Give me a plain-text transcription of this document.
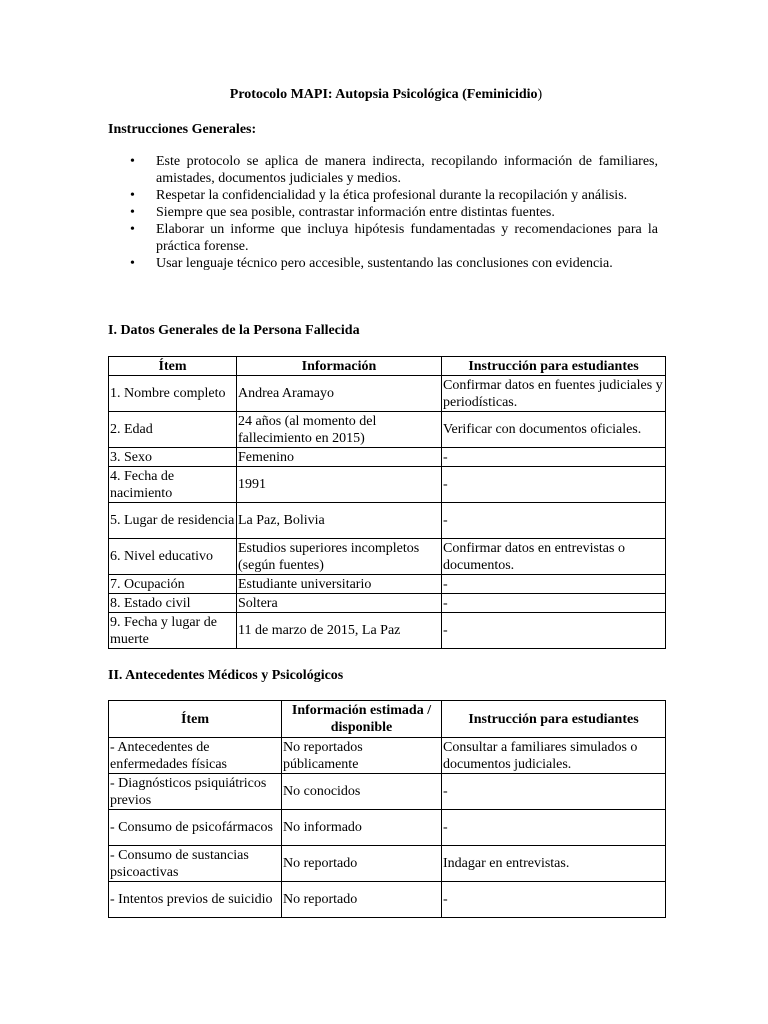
Protocolo MAPI: Autopsia Psicológica (Feminicidio)
Instrucciones Generales:
• Este protocolo se aplica de manera indirecta, recopilando información de familiares, amistades, documentos judiciales y medios.
• Respetar la confidencialidad y la ética profesional durante la recopilación y análisis.
• Siempre que sea posible, contrastar información entre distintas fuentes.
• Elaborar un informe que incluya hipótesis fundamentadas y recomendaciones para la práctica forense.
• Usar lenguaje técnico pero accesible, sustentando las conclusiones con evidencia.
I. Datos Generales de la Persona Fallecida
Ítem	Información	Instrucción para estudiantes
1. Nombre completo	Andrea Aramayo	Confirmar datos en fuentes judiciales y periodísticas.
2. Edad	24 años (al momento del fallecimiento en 2015)	Verificar con documentos oficiales.
3. Sexo	Femenino	-
4. Fecha de nacimiento	1991	-
5. Lugar de residencia	La Paz, Bolivia	-
6. Nivel educativo	Estudios superiores incompletos (según fuentes)	Confirmar datos en entrevistas o documentos.
7. Ocupación	Estudiante universitario	-
8. Estado civil	Soltera	-
9. Fecha y lugar de muerte	11 de marzo de 2015, La Paz	-
II. Antecedentes Médicos y Psicológicos
Ítem	Información estimada / disponible	Instrucción para estudiantes
- Antecedentes de enfermedades físicas	No reportados públicamente	Consultar a familiares simulados o documentos judiciales.
- Diagnósticos psiquiátricos previos	No conocidos	-
- Consumo de psicofármacos	No informado	-
- Consumo de sustancias psicoactivas	No reportado	Indagar en entrevistas.
- Intentos previos de suicidio	No reportado	-
